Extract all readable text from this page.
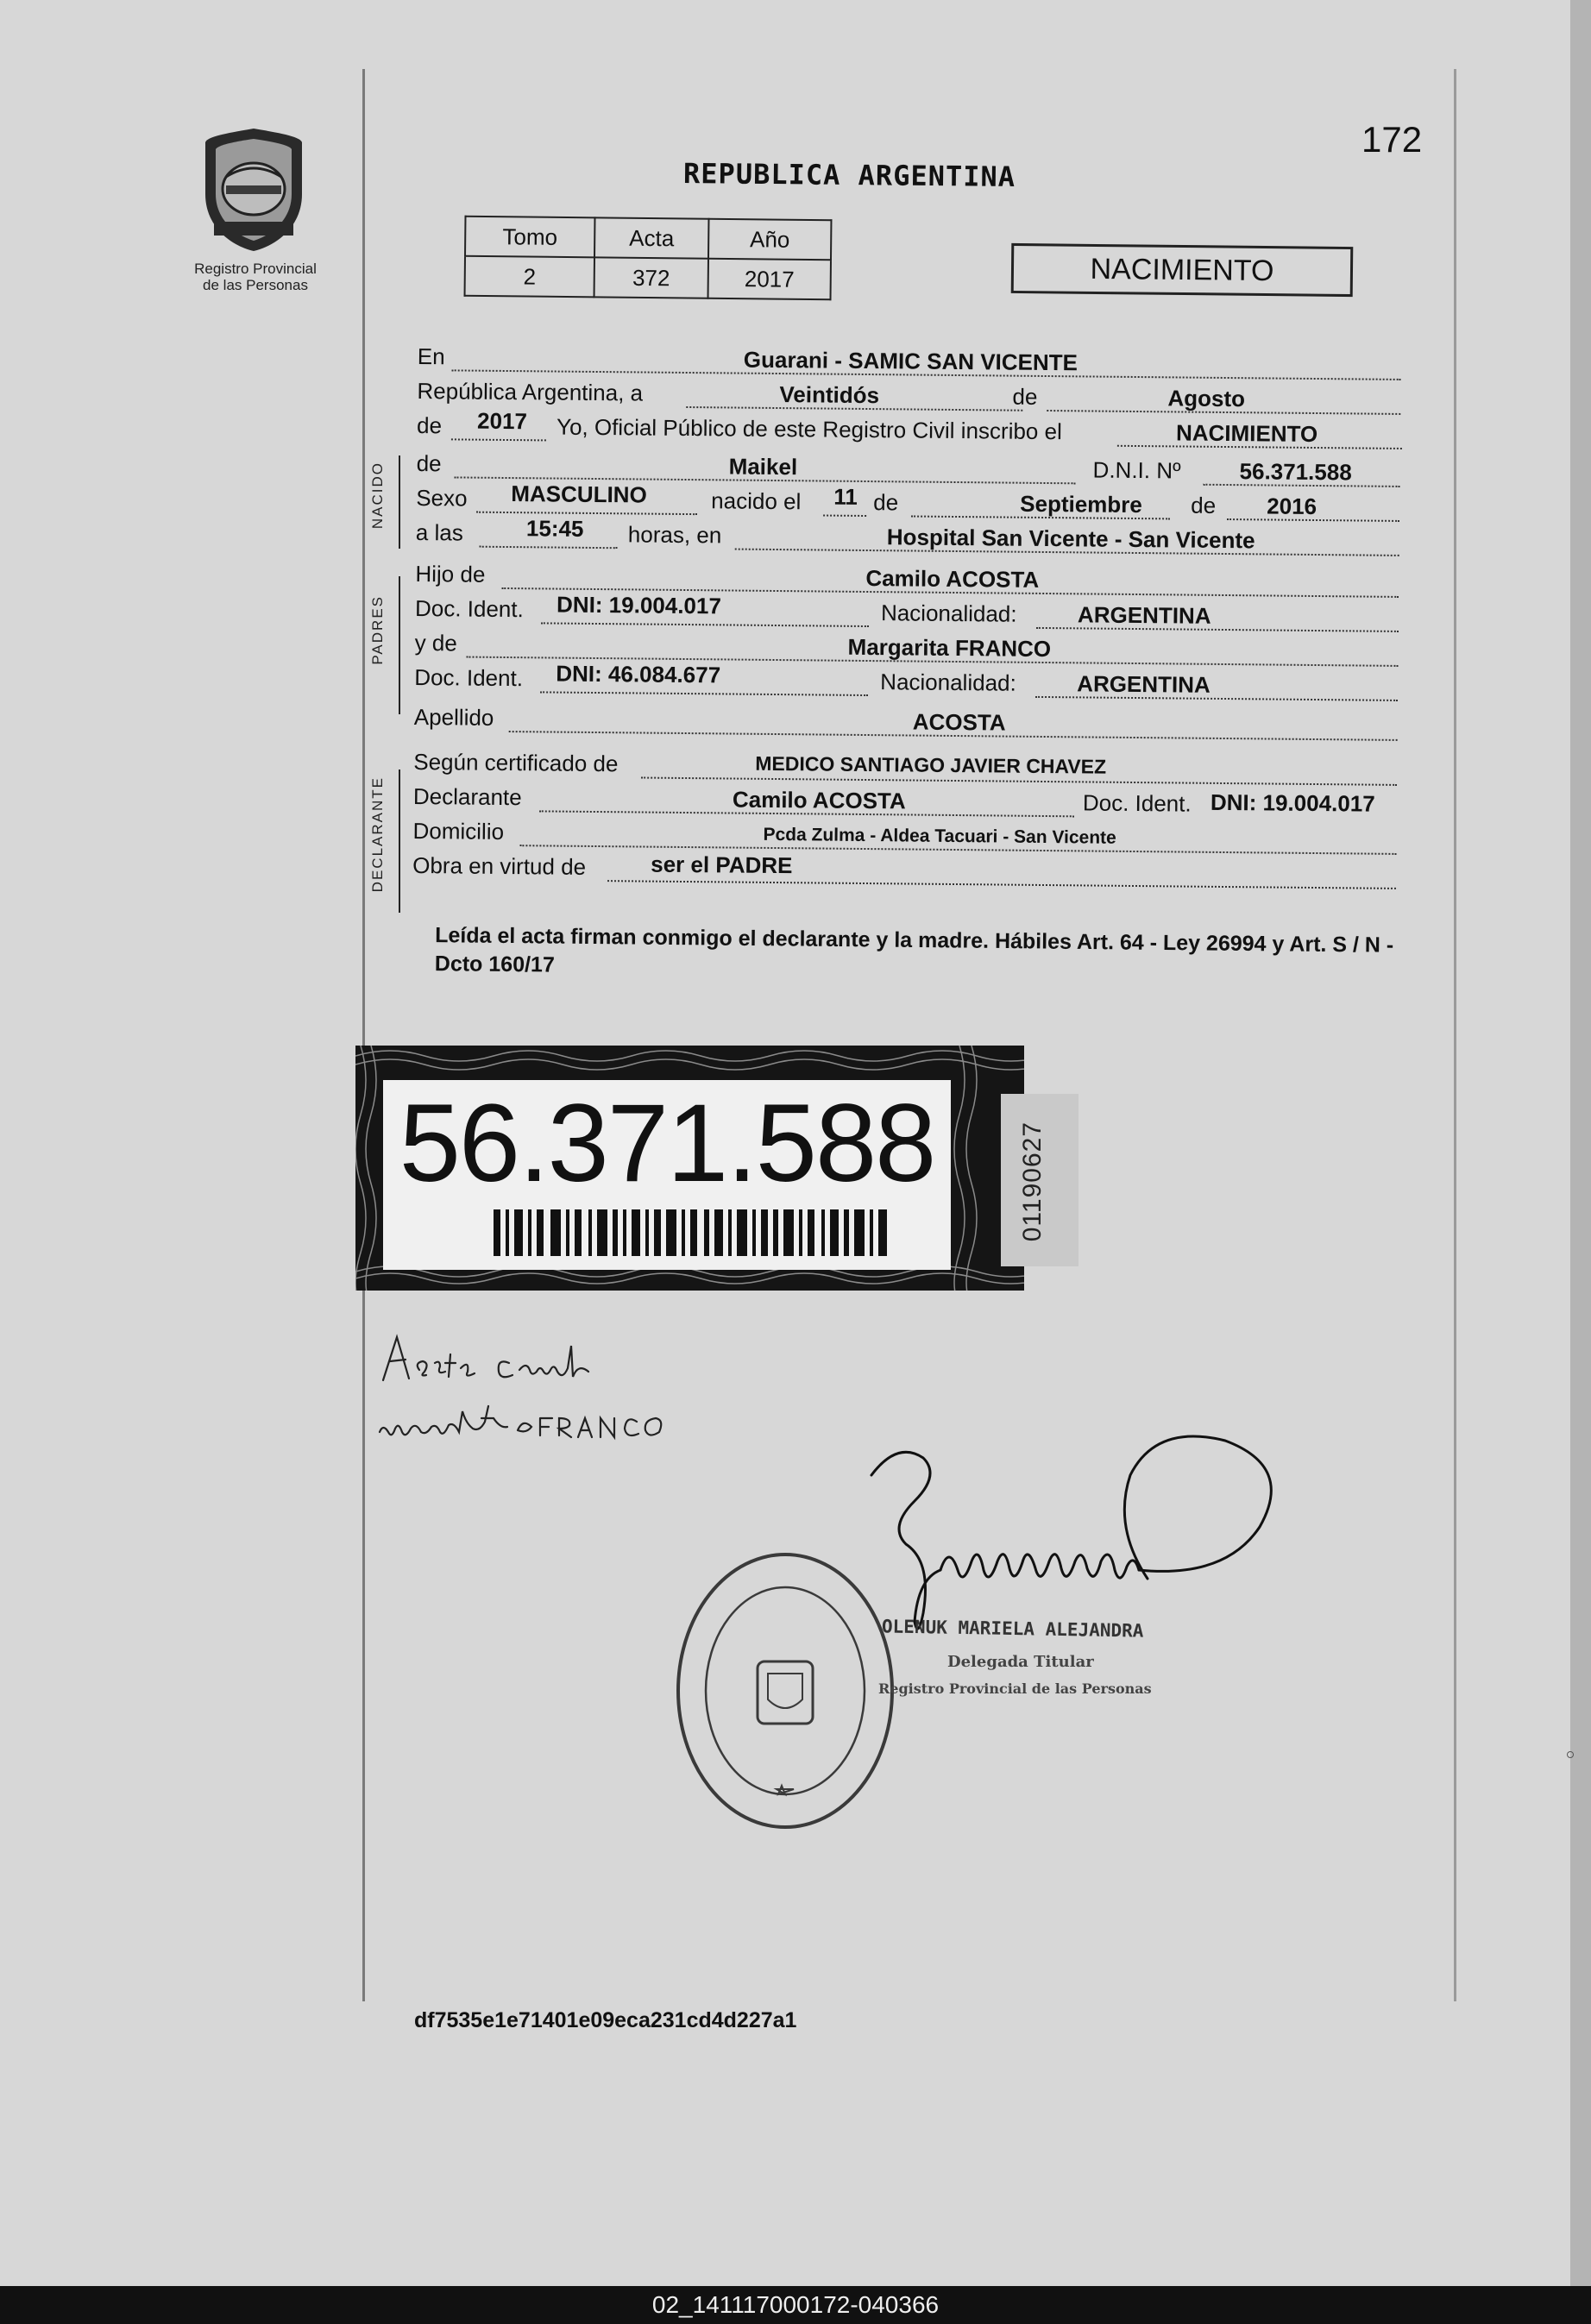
Registro Provincial
de las Personas
172
REPUBLICA ARGENTINA
Tomo	Acta	Año
2	372	2017	NACIMIENTO
NACIDO
PADRES
DECLARANTE
En	Guarani - SAMIC SAN VICENTE
República Argentina, a	Veintidós	de	Agosto
de 2017 Yo, Oficial Público de este Registro Civil inscribo el	NACIMIENTO
de	Maikel	D.N.I. Nº	56.371.588
Sexo MASCULINO	nacido el 11 de	Septiembre de 2016
a las	15:45 horas, en	Hospital San Vicente - San Vicente
Hijo de	Camilo ACOSTA
Doc. Ident. DNI: 19.004.017	Nacionalidad:	ARGENTINA
y de	Margarita FRANCO
Doc. Ident. DNI: 46.084.677	Nacionalidad:	ARGENTINA
Apellido	ACOSTA
Según certificado de	MEDICO SANTIAGO JAVIER CHAVEZ
Declarante	Camilo ACOSTA	Doc. Ident. DNI: 19.004.017
Domicilio	Pcda Zulma - Aldea Tacuari - San Vicente
Obra en virtud de	ser el PADRE
Leída el acta firman conmigo el declarante y la madre. Hábiles Art. 64 - Ley 26994 y Art. S / N - Dcto 160/17
56.371.588	01190627
OLENUK MARIELA ALEJANDRA
Delegada Titular
Registro Provincial de las Personas
df7535e1e71401e09eca231cd4d227a1
02_141117000172-040366
